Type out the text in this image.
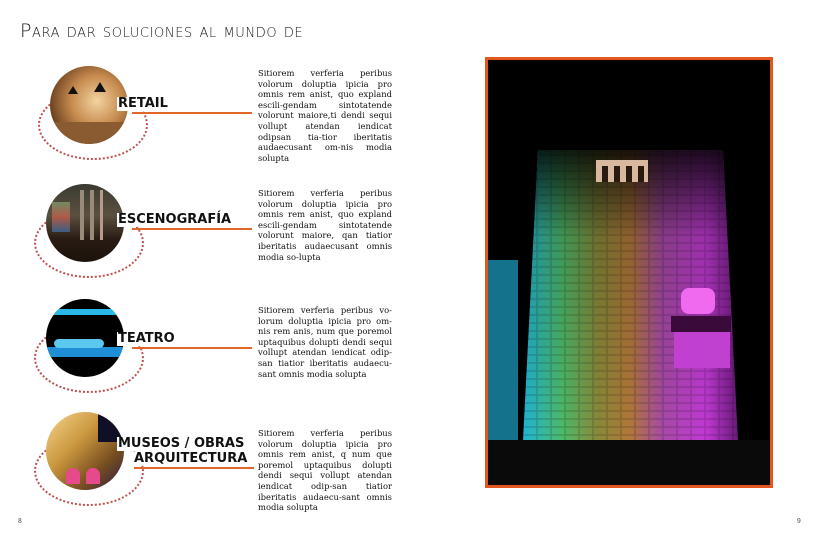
Para dar soluciones al mundo de
RETAIL
Sitiorem verferia peribus volorum doluptia ipicia pro omnis rem anist, quo expland escili-gendam sintotatende volorunt maiore,ti dendi sequi vollupt atendan iendicat odipsan tia-tior iberitatis audaecusant om-nis modia solupta
ESCENOGRAFÍA
Sitiorem verferia peribus volorum doluptia ipicia pro omnis rem anist, quo expland escili-gendam sintotatende volorunt maiore, qan tiatior iberitatis audaecusant omnis modia so-lupta
TEATRO
Sitiorem verferia peribus vo-lorum doluptia ipicia pro om-nis rem anis, num que poremol uptaquibus dolupti dendi sequi vollupt atendan iendicat odip-san tiatior iberitatis audaecu-sant omnis modia solupta
MUSEOS / OBRAS
ARQUITECTURA
Sitiorem verferia peribus volorum doluptia ipicia pro omnis rem anist, q num que poremol uptaquibus dolupti dendi sequi vollupt atendan iendicat odip-san tiatior iberitatis audaecu-sant omnis modia solupta
8	9
